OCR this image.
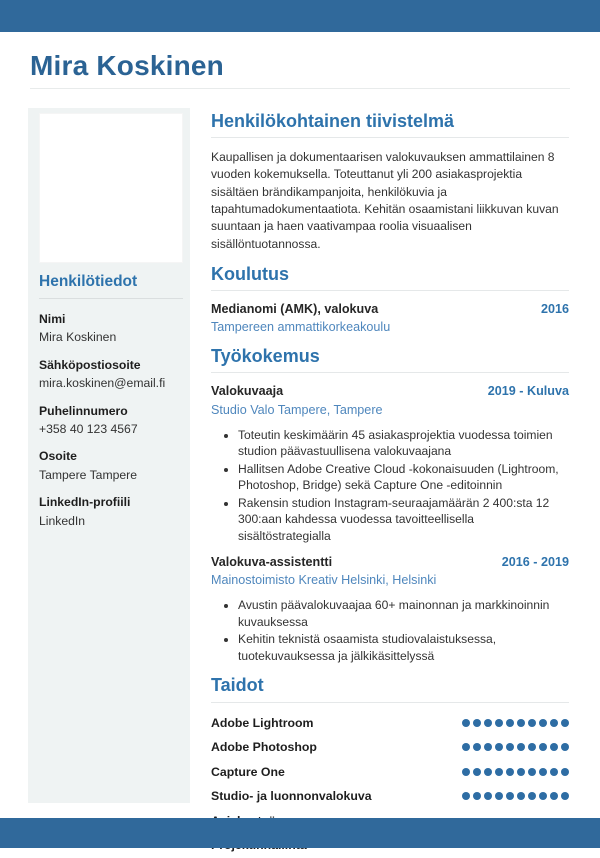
Mira Koskinen
Henkilötiedot
Nimi
Mira Koskinen
Sähköpostiosoite
mira.koskinen@email.fi
Puhelinnumero
+358 40 123 4567
Osoite
Tampere Tampere
LinkedIn-profiili
LinkedIn
Henkilökohtainen tiivistelmä

Kaupallisen ja dokumentaarisen valokuvauksen ammattilainen 8 vuoden kokemuksella. Toteuttanut yli 200 asiakasprojektia sisältäen brändikampanjoita, henkilökuvia ja tapahtumadokumentaatiota. Kehitän osaamistani liikkuvan kuvan suuntaan ja haen vaativampaa roolia visuaalisen sisällöntuotannossa.

Koulutus
Medianomi (AMK), valokuva	2016
Tampereen ammattikorkeakoulu
Työkokemus
Valokuvaaja	2019 - Kuluva
Studio Valo Tampere, Tampere
• Toteutin keskimäärin 45 asiakasprojektia vuodessa toimien studion päävastuullisena valokuvaajana
• Hallitsen Adobe Creative Cloud -kokonaisuuden (Lightroom, Photoshop, Bridge) sekä Capture One -editoinnin
• Rakensin studion Instagram-seuraajamäärän 2 400:sta 12 300:aan kahdessa vuodessa tavoitteellisella sisältöstrategialla
Valokuva-assistentti	2016 - 2019
Mainostoimisto Kreativ Helsinki, Helsinki
• Avustin päävalokuvaajaa 60+ mainonnan ja markkinoinnin kuvauksessa
• Kehitin teknistä osaamista studiovalaistuksessa, tuotekuvauksessa ja jälkikäsittelyssä
Taidot
Adobe Lightroom
Adobe Photoshop
Capture One
Studio- ja luonnonvalokuva
